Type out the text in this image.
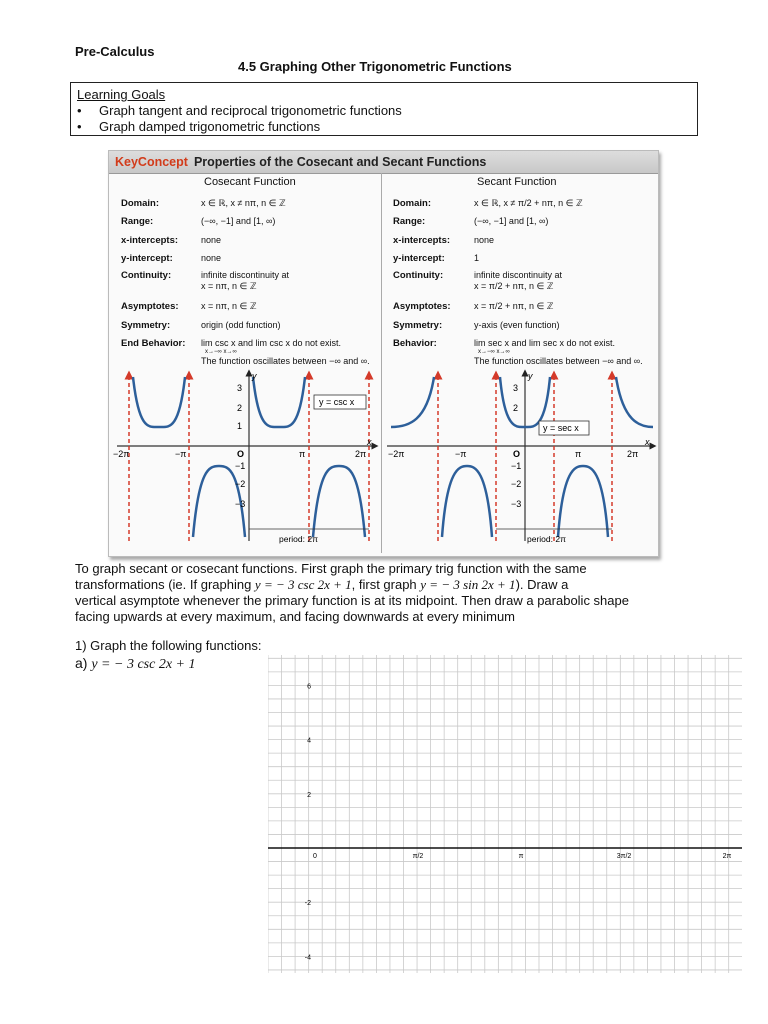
Pre-Calculus
4.5 Graphing Other Trigonometric Functions
Learning Goals
• Graph tangent and reciprocal trigonometric functions
• Graph damped trigonometric functions
KeyConcept Properties of the Cosecant and Secant Functions
Cosecant Function
Domain:	x ∈ ℝ, x ≠ nπ, n ∈ ℤ
Range:	(−∞, −1] and [1, ∞)
x-intercepts:	none
y-intercept:	none
Continuity:	infinite discontinuity at
x = nπ, n ∈ ℤ
Asymptotes: x = nπ, n ∈ ℤ
Symmetry:	origin (odd function)
End Behavior: lim csc x and lim csc x do not exist.
x→−∞ x→∞
The function oscillates between −∞ and ∞.
Secant Function
Domain:	x ∈ ℝ, x ≠ π/2 + nπ, n ∈ ℤ
Range:	(−∞, −1] and [1, ∞)
x-intercepts:	none
y-intercept:	1
Continuity:	infinite discontinuity at
x = π/2 + nπ, n ∈ ℤ
Asymptotes:	x = π/2 + nπ, n ∈ ℤ
Symmetry:	y-axis (even function)
Behavior:	lim sec x and lim sec x do not exist.
x→−∞ x→∞
The function oscillates between −∞ and ∞.
y = csc x
−2π	−π	O	π	2π
3
2
1
−1
−2
−3
x
y
period: 2π
y = sec x
−2π	−π	O	π	2π
3
2
−1
−2
−3
x
y
period: 2π
To graph secant or cosecant functions. First graph the primary trig function with the same
transformations (ie. If graphing y = − 3 csc 2x + 1, first graph y = − 3 sin 2x + 1). Draw a
vertical asymptote whenever the primary function is at its midpoint. Then draw a parabolic shape
facing upwards at every maximum, and facing downwards at every minimum
1) Graph the following functions:
a) y = − 3 csc 2x + 1
6
4
2
-2
-4
0	π/2	π	3π/2	2π
